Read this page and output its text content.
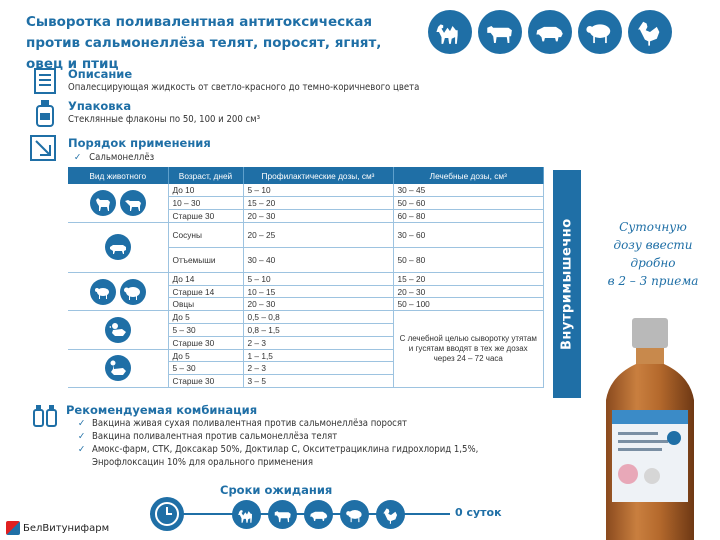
Сыворотка поливалентная антитоксическая против сальмонеллёза телят, поросят, ягнят, овец и птиц
Описание
Опалесцирующая жидкость от светло-красного до темно-коричневого цвета
Упаковка
Стеклянные флаконы по 50, 100 и 200 см³
Порядок применения
✓ Сальмонеллёз
Вид животного	Возраст, дней	Профилактические дозы, см³	Лечебные дозы, см³

	До 10	5 – 10	30 – 45
	10 – 30	15 – 20	50 – 60
	Старше 30	20 – 30	60 – 80

	Сосуны	20 – 25	30 – 60
	Отъемыши	30 – 40	50 – 80

	До 14	5 – 10	15 – 20
	Старше 14	10 – 15	20 – 30
	Овцы	20 – 30	50 – 100

	До 5	0,5 – 0,8	С лечебной целью сыворотку утятам и гусятам вводят в тех же дозах через 24 – 72 часа
	5 – 30	0,8 – 1,5	
	Старше 30	2 – 3	

	До 5	1 – 1,5	
	5 – 30	2 – 3	
	Старше 30	3 – 5	
Внутримышечно	Суточную
дозу ввести
дробно
в 2 – 3 приема
Рекомендуемая комбинация
✓ Вакцина живая сухая поливалентная против сальмонеллёза поросят
✓ Вакцина поливалентная против сальмонеллёза телят
✓ Амокс-фарм, СТК, Доксакар 50%, Доктилар С, Окситетрациклина гидрохлорид 1,5%, Энрофлоксацин 10% для орального применения
Сроки ожидания
0 суток
БелВитунифарм
